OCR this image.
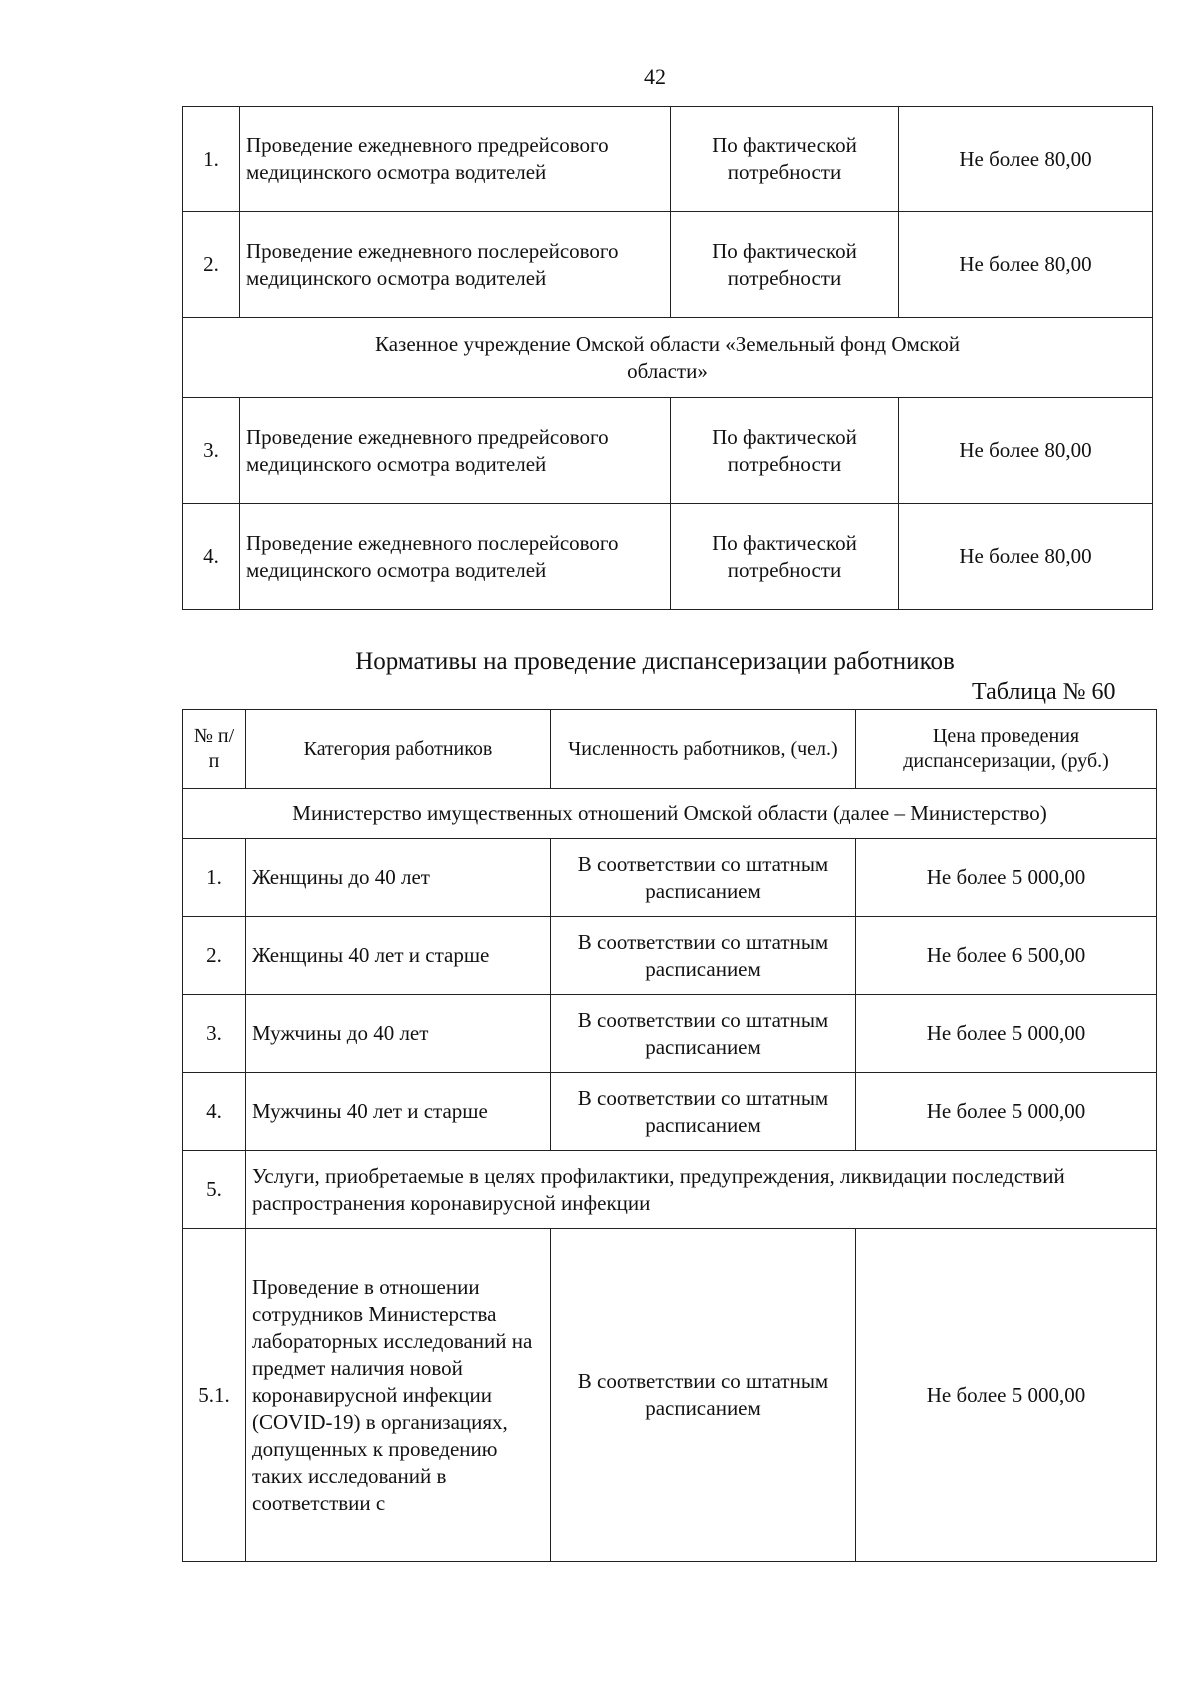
42
1.	Проведение ежедневного предрейсового медицинского осмотра водителей	По фактической потребности	Не более 80,00
2.	Проведение ежедневного послерейсового медицинского осмотра водителей	По фактической потребности	Не более 80,00
Казенное учреждение Омской области «Земельный фонд Омской области»			
3.	Проведение ежедневного предрейсового медицинского осмотра водителей	По фактической потребности	Не более 80,00
4.	Проведение ежедневного послерейсового медицинского осмотра водителей	По фактической потребности	Не более 80,00
Нормативы на проведение диспансеризации работников
Таблица № 60
№ п/п	Категория работников	Численность работников, (чел.)	Цена проведения диспансеризации, (руб.)
Министерство имущественных отношений Омской области (далее – Министерство)			
1.	Женщины до 40 лет	В соответствии со штатным расписанием	Не более 5 000,00
2.	Женщины 40 лет и старше	В соответствии со штатным расписанием	Не более 6 500,00
3.	Мужчины до 40 лет	В соответствии со штатным расписанием	Не более 5 000,00
4.	Мужчины 40 лет и старше	В соответствии со штатным расписанием	Не более 5 000,00
5.	Услуги, приобретаемые в целях профилактики, предупреждения, ликвидации последствий распространения коронавирусной инфекции		
5.1.	Проведение в отношении сотрудников Министерства лабораторных исследований на предмет наличия новой коронавирусной инфекции (COVID-19) в организациях, допущенных к проведению таких исследований в соответствии с	В соответствии со штатным расписанием	Не более 5 000,00
